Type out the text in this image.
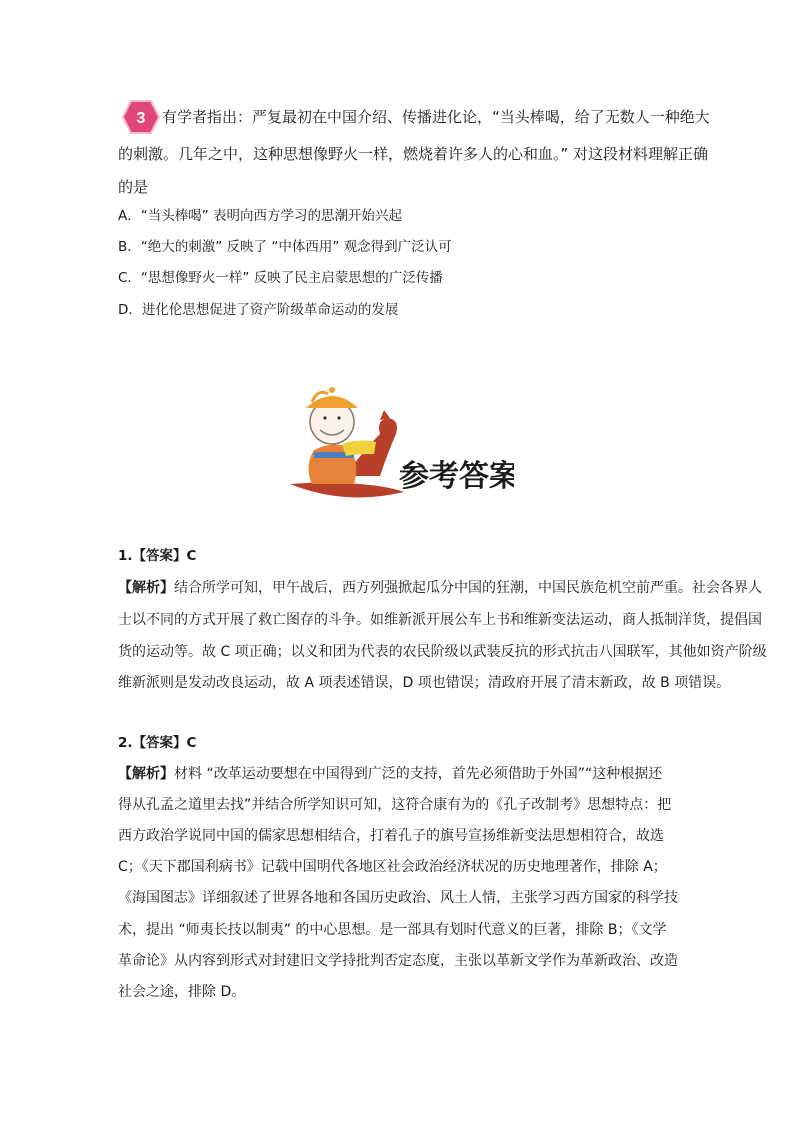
3 有学者指出：严复最初在中国介绍、传播进化论，“当头棒喝，给了无数人一种绝大
的刺激。几年之中，这种思想像野火一样，燃烧着许多人的心和血。” 对这段材料理解正确
的是
A．“当头棒喝” 表明向西方学习的思潮开始兴起
B．“绝大的刺激” 反映了 “中体西用” 观念得到广泛认可
C．“思想像野火一样” 反映了民主启蒙思想的广泛传播
D．进化伦思想促进了资产阶级革命运动的发展
参考答案
1.【答案】C
【解析】结合所学可知，甲午战后，西方列强掀起瓜分中国的狂潮，中国民族危机空前严重。社会各界人
士以不同的方式开展了救亡图存的斗争。如维新派开展公车上书和维新变法运动，商人抵制洋货，提倡国
货的运动等。故 C 项正确；以义和团为代表的农民阶级以武装反抗的形式抗击八国联军，其他如资产阶级
维新派则是发动改良运动，故 A 项表述错误，D 项也错误；清政府开展了清末新政，故 B 项错误。
2.【答案】C
【解析】材料 “改革运动要想在中国得到广泛的支持，首先必须借助于外国”“这种根据还
得从孔孟之道里去找”并结合所学知识可知，这符合康有为的《孔子改制考》思想特点：把
西方政治学说同中国的儒家思想相结合，打着孔子的旗号宣扬维新变法思想相符合，故选
C；《天下郡国利病书》记载中国明代各地区社会政治经济状况的历史地理著作，排除 A；
《海国图志》详细叙述了世界各地和各国历史政治、风土人情，主张学习西方国家的科学技
术，提出 “师夷长技以制夷” 的中心思想。是一部具有划时代意义的巨著，排除 B；《文学
革命论》从内容到形式对封建旧文学持批判否定态度，主张以革新文学作为革新政治、改造
社会之途，排除 D。
